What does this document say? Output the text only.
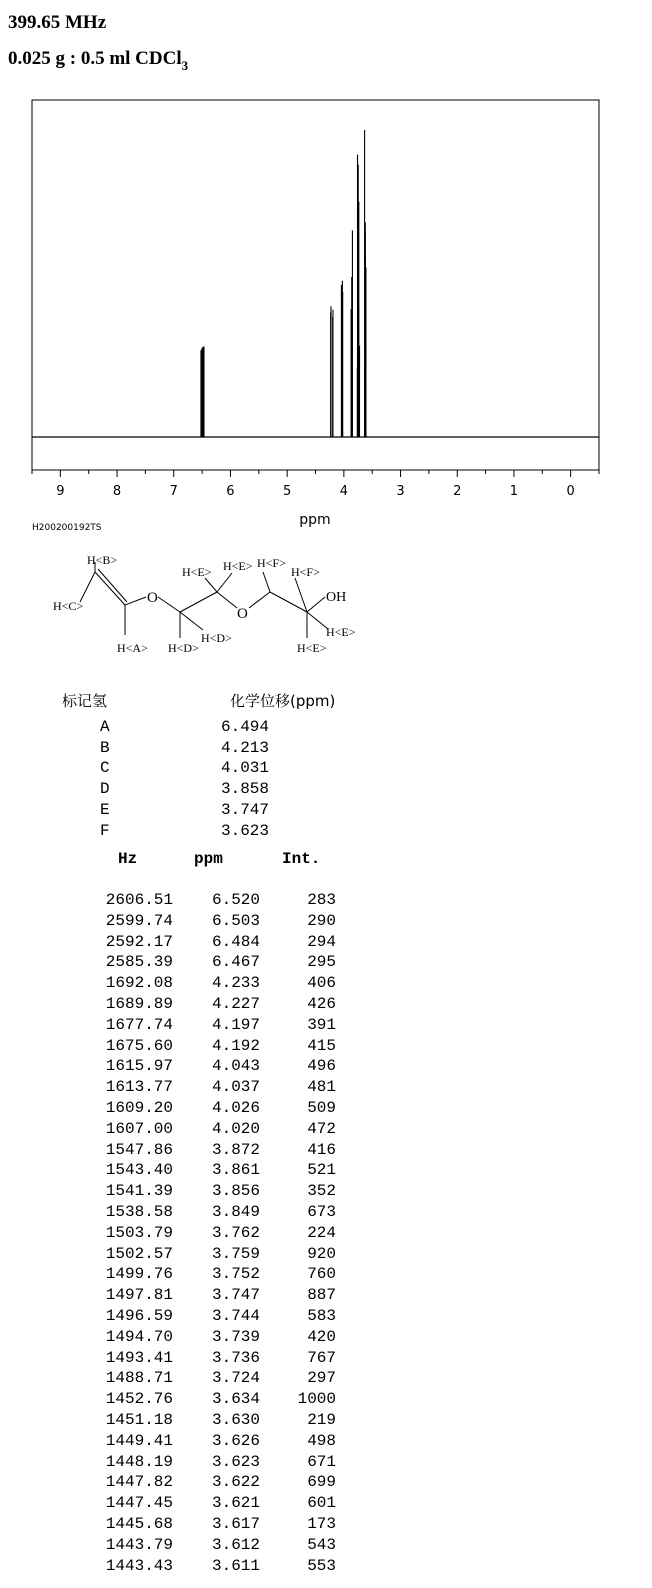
399.65 MHz
0.025 g : 0.5 ml CDCl$_3$
9	8	7	6	5	4	3	2	1	0
ppm
H200200192TS
H<B>
H<C>
H<A>
H<E> H<E>
H<D>
H<D>
H<F>
H<F>
H<E>
H<E>
O
O
OH
标记氢	化学位移(ppm)
A	6.494
B	4.213
C	4.031
D	3.858
E	3.747
F	3.623
Hz	ppm	Int.
2606.51 6.520	283
2599.74 6.503	290
2592.17 6.484	294
2585.39 6.467	295
1692.08 4.233	406
1689.89 4.227	426
1677.74 4.197	391
1675.60 4.192	415
1615.97 4.043	496
1613.77 4.037	481
1609.20 4.026	509
1607.00 4.020	472
1547.86 3.872	416
1543.40 3.861	521
1541.39 3.856	352
1538.58 3.849	673
1503.79 3.762	224
1502.57 3.759	920
1499.76 3.752	760
1497.81 3.747	887
1496.59 3.744	583
1494.70 3.739	420
1493.41 3.736	767
1488.71 3.724	297
1452.76 3.634 1000
1451.18 3.630	219
1449.41 3.626	498
1448.19 3.623	671
1447.82 3.622	699
1447.45 3.621	601
1445.68 3.617	173
1443.79 3.612	543
1443.43 3.611	553
